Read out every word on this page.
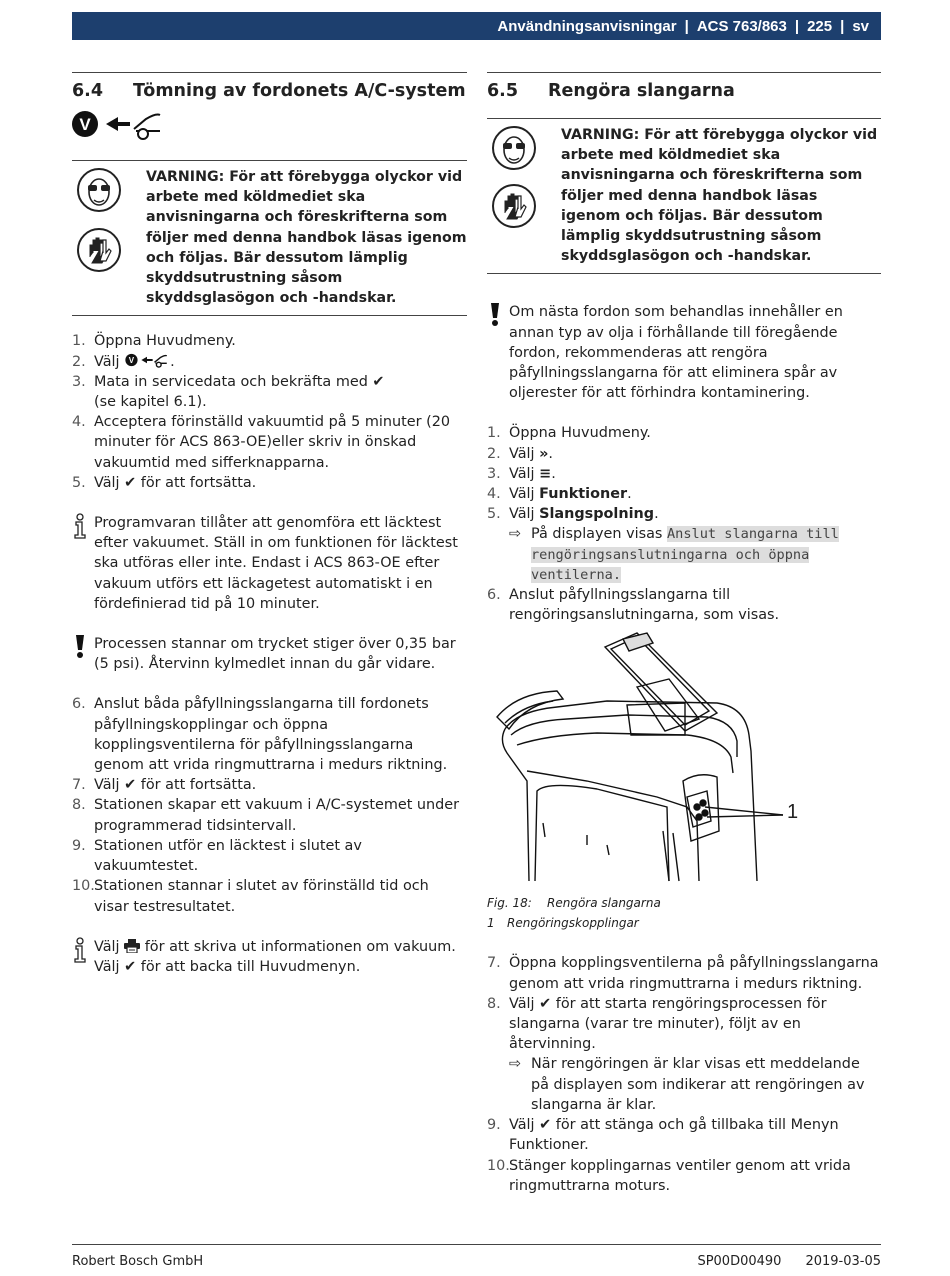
Användningsanvisningar | ACS 763/863 | 225 | sv
6.4	Tömning av fordonets A/C-system
V
VARNING: För att förebygga olyckor vid arbete med köldmediet ska anvisningarna och föreskrifterna som följer med denna handbok läsas igenom och följas. Bär dessutom lämplig skyddsutrustning såsom skyddsglasögon och -handskar.
1. Öppna Huvudmeny.
2. Välj V .
3. Mata in servicedata och bekräfta med ✔
(se kapitel 6.1).
4. Acceptera förinställd vakuumtid på 5 minuter (20 minuter för ACS 863-OE)eller skriv in önskad vakuumtid med sifferknapparna.
5. Välj ✔ för att fortsätta.
Programvaran tillåter att genomföra ett läcktest efter vakuumet. Ställ in om funktionen för läcktest ska utföras eller inte. Endast i ACS 863-OE efter vakuum utförs ett läckagetest automatiskt i en fördefinierad tid på 10 minuter.
Processen stannar om trycket stiger över 0,35 bar (5 psi). Återvinn kylmedlet innan du går vidare.
6. Anslut båda påfyllningsslangarna till fordonets påfyllningskopplingar och öppna kopplingsventilerna för påfyllningsslangarna genom att vrida ringmuttrarna i medurs riktning.
7. Välj ✔ för att fortsätta.
8. Stationen skapar ett vakuum i A/C-systemet under programmerad tidsintervall.
9. Stationen utför en läcktest i slutet av vakuumtestet.
10. Stationen stannar i slutet av förinställd tid och visar testresultatet.
Välj för att skriva ut informationen om vakuum.
Välj ✔ för att backa till Huvudmenyn.
6.5	Rengöra slangarna
VARNING: För att förebygga olyckor vid arbete med köldmediet ska anvisningarna och föreskrifterna som följer med denna handbok läsas igenom och följas. Bär dessutom lämplig skyddsutrustning såsom skyddsglasögon och -handskar.
Om nästa fordon som behandlas innehåller en annan typ av olja i förhållande till föregående fordon, rekommenderas att rengöra påfyllningsslangarna för att eliminera spår av oljerester för att förhindra kontaminering.
1. Öppna Huvudmeny.
2. Välj ».
3. Välj ≡.
4. Välj Funktioner.
5. Välj Slangspolning.
⇨ På displayen visas Anslut slangarna till rengöringsanslutningarna och öppna ventilerna.
6. Anslut påfyllningsslangarna till rengöringsanslutningarna, som visas.
1
Fig. 18: Rengöra slangarna
1 Rengöringskopplingar
7. Öppna kopplingsventilerna på påfyllningsslangarna genom att vrida ringmuttrarna i medurs riktning.
8. Välj ✔ för att starta rengöringsprocessen för slangarna (varar tre minuter), följt av en återvinning.
⇨ När rengöringen är klar visas ett meddelande på displayen som indikerar att rengöringen av slangarna är klar.
9. Välj ✔ för att stänga och gå tillbaka till Menyn Funktioner.
10. Stänger kopplingarnas ventiler genom att vrida ringmuttrarna moturs.
Robert Bosch GmbH	SP00D00490 2019-03-05
